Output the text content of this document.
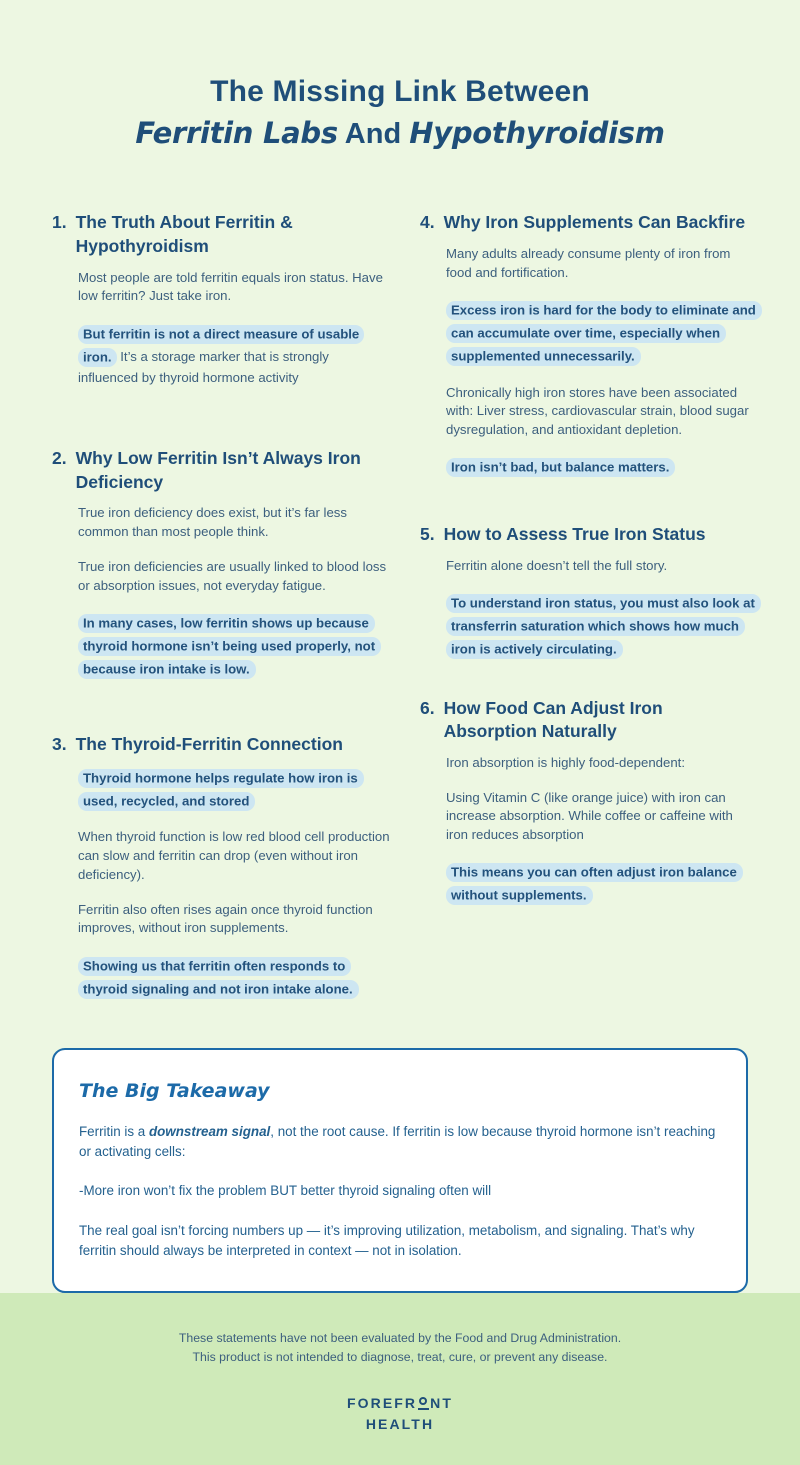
The Missing Link Between
Ferritin Labs And Hypothyroidism
1. The Truth About Ferritin & Hypothyroidism

Most people are told ferritin equals iron status. Have low ferritin? Just take iron.

But ferritin is not a direct measure of usable iron. It’s a storage marker that is strongly influenced by thyroid hormone activity

2. Why Low Ferritin Isn’t Always Iron Deficiency

True iron deficiency does exist, but it’s far less common than most people think.

True iron deficiencies are usually linked to blood loss or absorption issues, not everyday fatigue.

In many cases, low ferritin shows up because thyroid hormone isn’t being used properly, not because iron intake is low.

3. The Thyroid-Ferritin Connection

Thyroid hormone helps regulate how iron is used, recycled, and stored

When thyroid function is low red blood cell production can slow and ferritin can drop (even without iron deficiency).

Ferritin also often rises again once thyroid function improves, without iron supplements.

Showing us that ferritin often responds to thyroid signaling and not iron intake alone.

4. Why Iron Supplements Can Backfire

Many adults already consume plenty of iron from food and fortification.

Excess iron is hard for the body to eliminate and can accumulate over time, especially when supplemented unnecessarily.

Chronically high iron stores have been associated with: Liver stress, cardiovascular strain, blood sugar dysregulation, and antioxidant depletion.

Iron isn’t bad, but balance matters.

5. How to Assess True Iron Status

Ferritin alone doesn’t tell the full story.

To understand iron status, you must also look at transferrin saturation which shows how much iron is actively circulating.

6. How Food Can Adjust Iron Absorption Naturally

Iron absorption is highly food-dependent:

Using Vitamin C (like orange juice) with iron can increase absorption. While coffee or caffeine with iron reduces absorption

This means you can often adjust iron balance without supplements.

The Big Takeaway

Ferritin is a downstream signal, not the root cause. If ferritin is low because thyroid hormone isn’t reaching or activating cells:

-More iron won’t fix the problem BUT better thyroid signaling often will

The real goal isn’t forcing numbers up — it’s improving utilization, metabolism, and signaling. That’s why ferritin should always be interpreted in context — not in isolation.

These statements have not been evaluated by the Food and Drug Administration.
This product is not intended to diagnose, treat, cure, or prevent any disease.
FOREFR NT
HEALTH
